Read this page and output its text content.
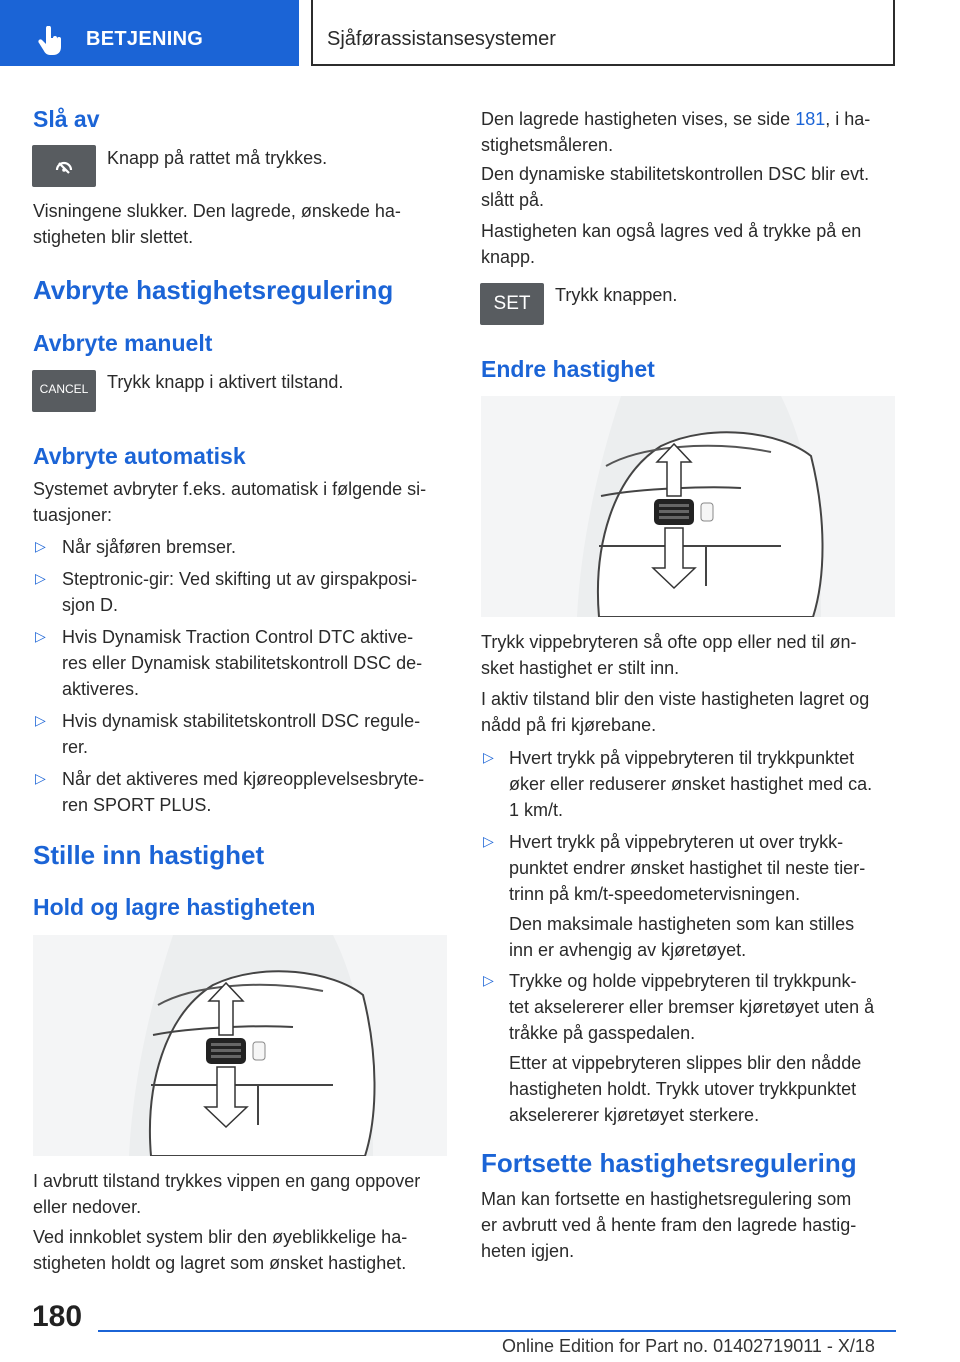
BETJENING	Sjåførassistansesystemer
Slå av
Knapp på rattet må trykkes.
Visningene slukker. Den lagrede, ønskede ha-
stigheten blir slettet.
Avbryte hastighetsregulering
Avbryte manuelt
CANCEL	Trykk knapp i aktivert tilstand.
Avbryte automatisk
Systemet avbryter f.eks. automatisk i følgende si-
tuasjoner:
▷ Når sjåføren bremser.
▷ Steptronic-gir: Ved skifting ut av girspakposi-
sjon D.
▷ Hvis Dynamisk Traction Control DTC aktive-
res eller Dynamisk stabilitetskontroll DSC de-
aktiveres.
▷ Hvis dynamisk stabilitetskontroll DSC regule-
rer.
▷ Når det aktiveres med kjøreopplevelsesbryte-
ren SPORT PLUS.
Stille inn hastighet
Hold og lagre hastigheten
I avbrutt tilstand trykkes vippen en gang oppover
eller nedover.
Ved innkoblet system blir den øyeblikkelige ha-
stigheten holdt og lagret som ønsket hastighet.
Den lagrede hastigheten vises, se side 181, i ha-
stighetsmåleren.
Den dynamiske stabilitetskontrollen DSC blir evt.
slått på.
Hastigheten kan også lagres ved å trykke på en
knapp.
SET	Trykk knappen.
Endre hastighet
Trykk vippebryteren så ofte opp eller ned til øn-
sket hastighet er stilt inn.
I aktiv tilstand blir den viste hastigheten lagret og
nådd på fri kjørebane.
▷ Hvert trykk på vippebryteren til trykkpunktet
øker eller reduserer ønsket hastighet med ca.
1 km/t.
▷ Hvert trykk på vippebryteren ut over trykk-
punktet endrer ønsket hastighet til neste tier-
trinn på km/t-speedometervisningen.
Den maksimale hastigheten som kan stilles
inn er avhengig av kjøretøyet.
▷ Trykke og holde vippebryteren til trykkpunk-
tet akselererer eller bremser kjøretøyet uten å
tråkke på gasspedalen.
Etter at vippebryteren slippes blir den nådde
hastigheten holdt. Trykk utover trykkpunktet
akselererer kjøretøyet sterkere.
Fortsette hastighetsregulering
Man kan fortsette en hastighetsregulering som
er avbrutt ved å hente fram den lagrede hastig-
heten igjen.
180
Online Edition for Part no. 01402719011 - X/18
